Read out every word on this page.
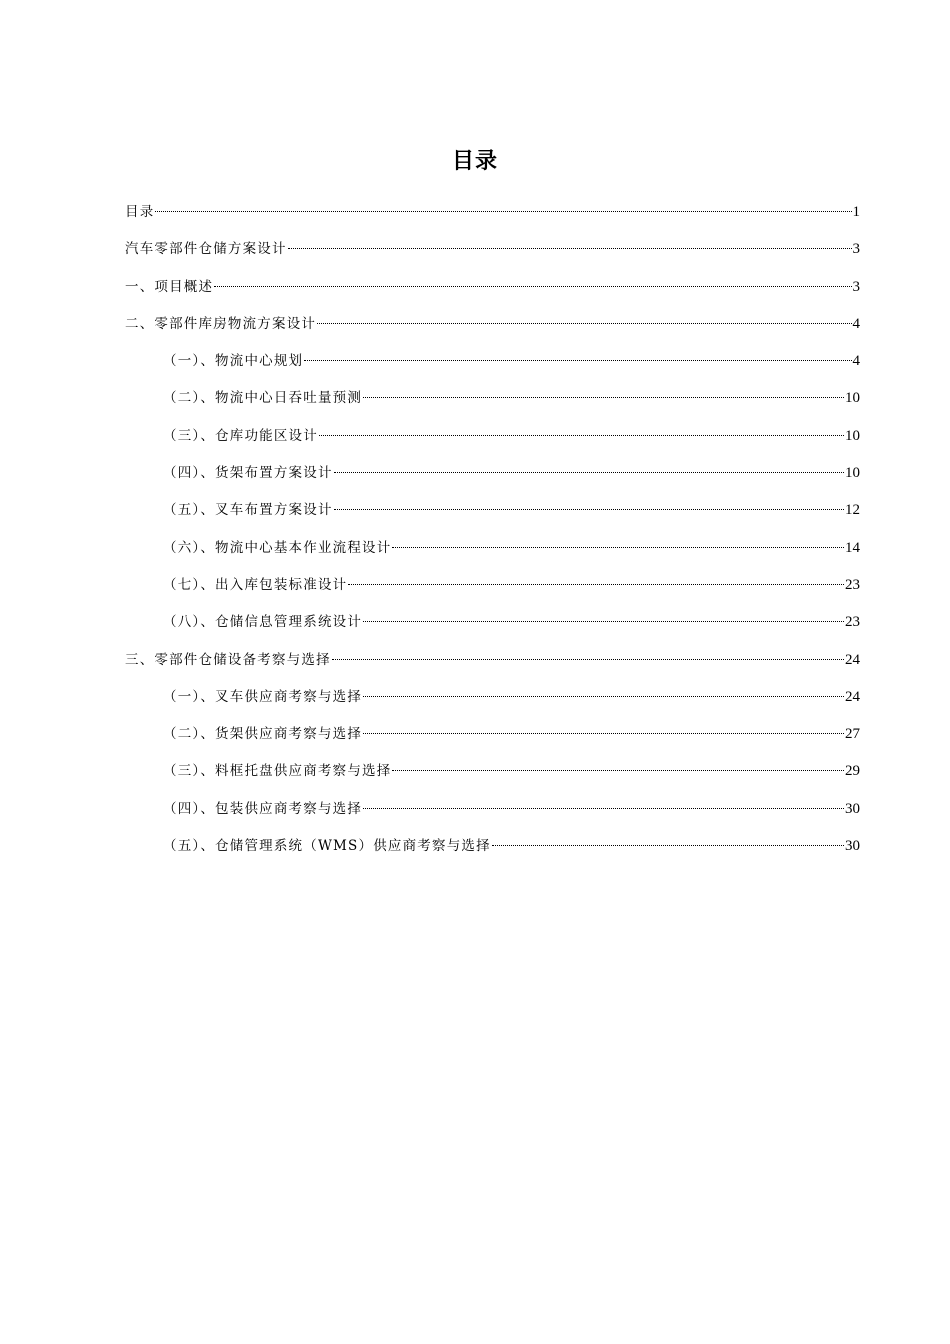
目录
目录	1
汽车零部件仓储方案设计	3
一、项目概述	3
二、零部件库房物流方案设计	4
（一）、物流中心规划	4
（二）、物流中心日吞吐量预测	10
（三）、仓库功能区设计	10
（四）、货架布置方案设计	10
（五）、叉车布置方案设计	12
（六）、物流中心基本作业流程设计	14
（七）、出入库包装标准设计	23
（八）、仓储信息管理系统设计	23
三、零部件仓储设备考察与选择	24
（一）、叉车供应商考察与选择	24
（二）、货架供应商考察与选择	27
（三）、料框托盘供应商考察与选择	29
（四）、包装供应商考察与选择	30
（五）、仓储管理系统（WMS）供应商考察与选择	30
